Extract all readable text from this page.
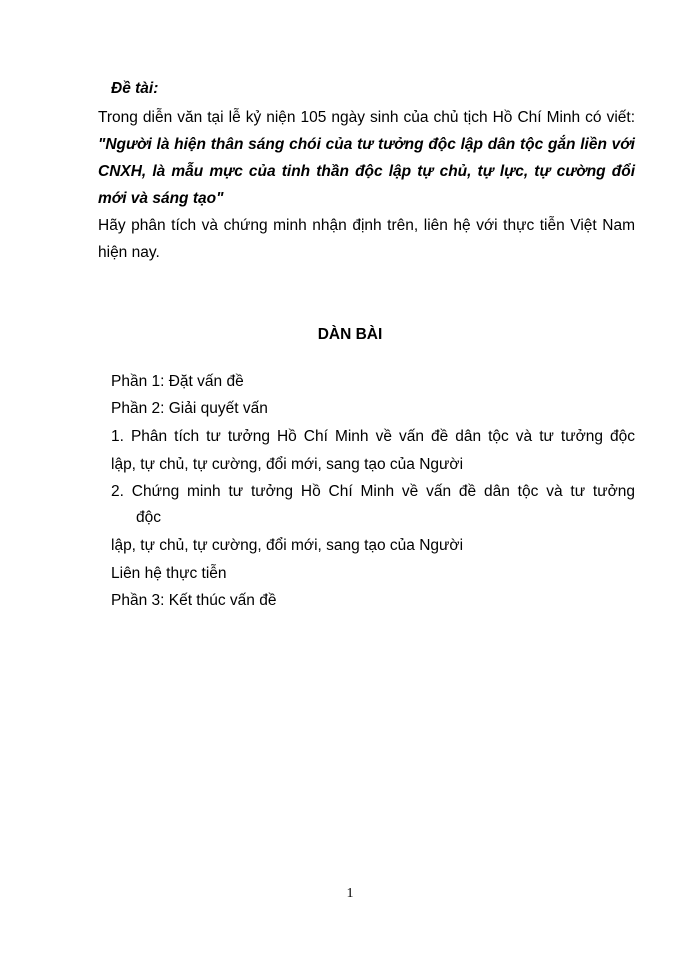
Đề tài:
Trong diễn văn tại lễ kỷ niện 105 ngày sinh của chủ tịch Hồ Chí Minh có viết: "Người là hiện thân sáng chói của tư tưởng độc lập dân tộc gắn liền với CNXH, là mẫu mực của tinh thần độc lập tự chủ, tự lực, tự cường đổi mới và sáng tạo"
Hãy phân tích và chứng minh nhận định trên, liên hệ với thực tiễn Việt Nam hiện nay.
DÀN BÀI
Phần 1: Đặt vấn đề
Phần 2: Giải quyết vấn
1. Phân tích tư tưởng Hồ Chí Minh về vấn đề dân tộc và tư tưởng độc
lập, tự chủ, tự cường, đổi mới, sang tạo của Người
2. Chứng minh tư tưởng Hồ Chí Minh về vấn đề dân tộc và tư tưởng
độc
lập, tự chủ, tự cường, đổi mới, sang tạo của Người
Liên hệ thực tiễn
Phần 3: Kết thúc vấn đề
1
